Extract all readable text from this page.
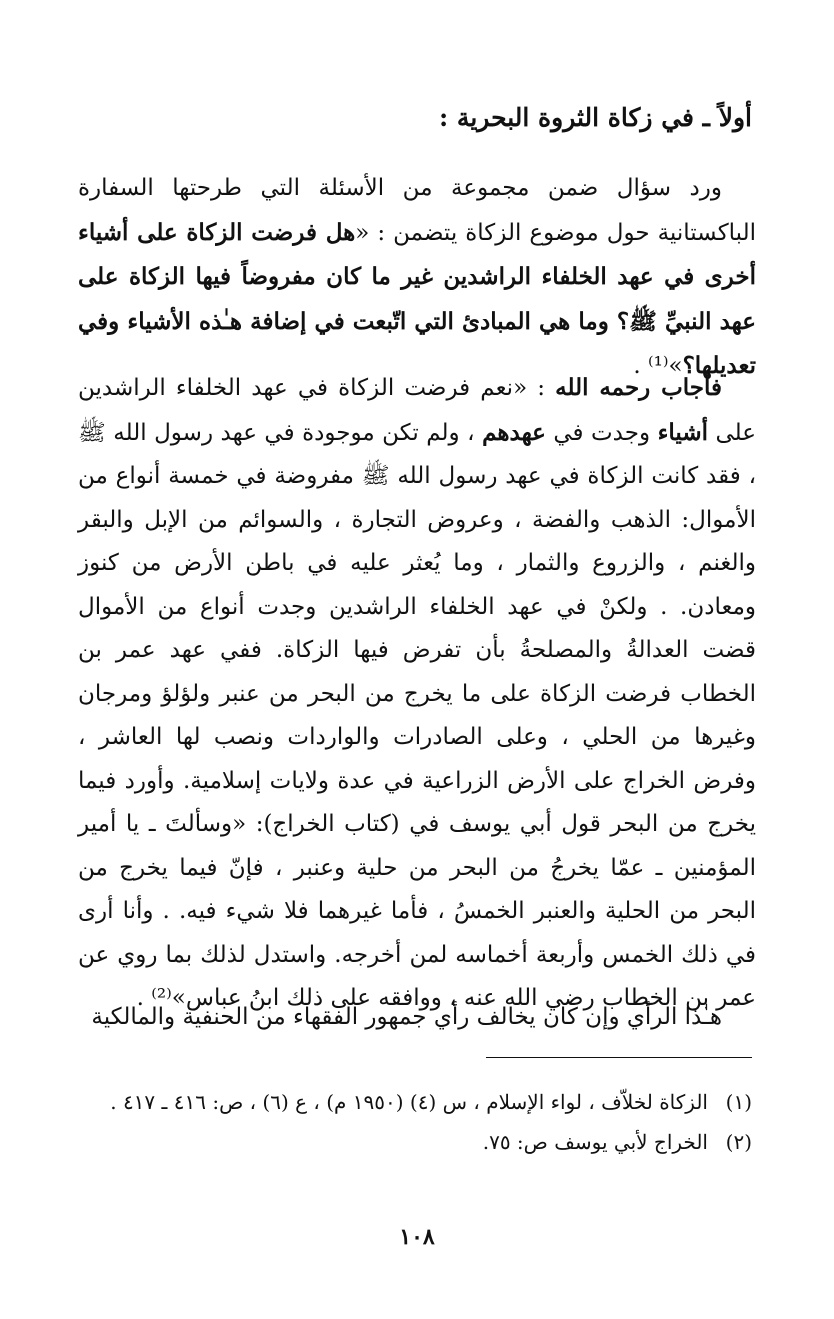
أولاً ـ في زكاة الثروة البحرية :

ورد سؤال ضمن مجموعة من الأسئلة التي طرحتها السفارة الباكستانية حول موضوع الزكاة يتضمن : «هل فرضت الزكاة على أشياء أخرى في عهد الخلفاء الراشدين غير ما كان مفروضاً فيها الزكاة على عهد النبيِّ ﷺ؟ وما هي المبادئ التي اتّبعت في إضافة هـٰذه الأشياء وفي تعديلها؟»⁽¹⁾ .

فأجاب رحمه الله : «نعم فرضت الزكاة في عهد الخلفاء الراشدين على أشياء وجدت في عهدهم ، ولم تكن موجودة في عهد رسول الله ﷺ ، فقد كانت الزكاة في عهد رسول الله ﷺ مفروضة في خمسة أنواع من الأموال: الذهب والفضة ، وعروض التجارة ، والسوائم من الإبل والبقر والغنم ، والزروع والثمار ، وما يُعثر عليه في باطن الأرض من كنوز ومعادن. . ولكنْ في عهد الخلفاء الراشدين وجدت أنواع من الأموال قضت العدالةُ والمصلحةُ بأن تفرض فيها الزكاة. ففي عهد عمر بن الخطاب فرضت الزكاة على ما يخرج من البحر من عنبر ولؤلؤ ومرجان وغيرها من الحلي ، وعلى الصادرات والواردات ونصب لها العاشر ، وفرض الخراج على الأرض الزراعية في عدة ولايات إسلامية. وأورد فيما يخرج من البحر قول أبي يوسف في (كتاب الخراج): «وسألتَ ـ يا أمير المؤمنين ـ عمّا يخرجُ من البحر من حلية وعنبر ، فإنّ فيما يخرج من البحر من الحلية والعنبر الخمسُ ، فأما غيرهما فلا شيء فيه. . وأنا أرى في ذلك الخمس وأربعة أخماسه لمن أخرجه. واستدل لذلك بما روي عن عمر بن الخطاب رضي الله عنه ، ووافقه على ذلك ابنُ عباس»⁽²⁾ .

هـٰذا الرأي وإن كان يخالف رأي جمهور الفقهاء من الحنفية والمالكية

(١)
الزكاة لخلاّف ، لواء الإسلام ، س (٤) (١٩٥٠ م) ، ع (٦) ، ص: ٤١٦ ـ ٤١٧ .
(٢)
الخراج لأبي يوسف ص: ٧٥.
١٠٨
